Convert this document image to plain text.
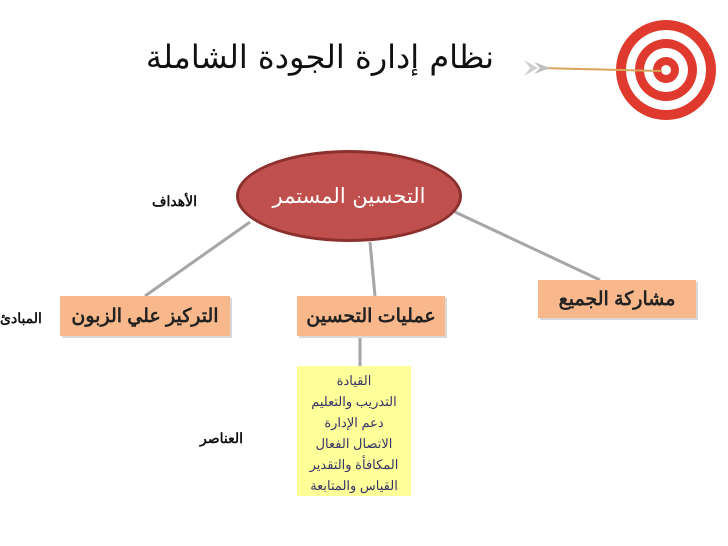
نظام إدارة الجودة الشاملة
التحسين المستمر
الأهداف
المبادئ
العناصر
التركيز علي الزبون	عمليات التحسين
مشاركة الجميع
القيادة
التدريب والتعليم
دعم الإدارة
الاتصال الفعال
المكافأة والتقدير
القياس والمتابعة
